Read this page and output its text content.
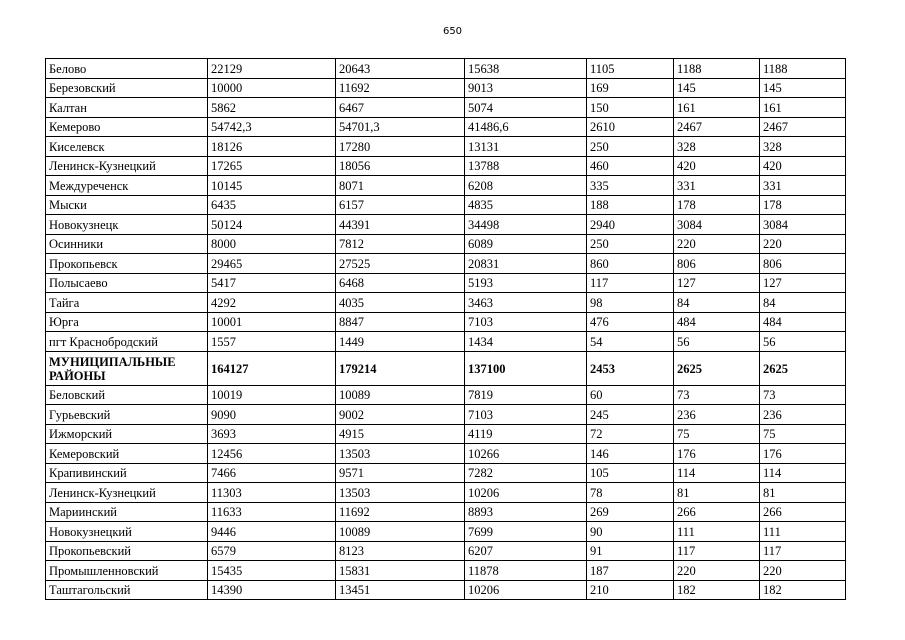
650
Белово	22129	20643	15638	1105	1188	1188
Березовский	10000	11692	9013	169	145	145
Калтан	5862	6467	5074	150	161	161
Кемерово	54742,3	54701,3	41486,6	2610	2467	2467
Киселевск	18126	17280	13131	250	328	328
Ленинск-Кузнецкий	17265	18056	13788	460	420	420
Междуреченск	10145	8071	6208	335	331	331
Мыски	6435	6157	4835	188	178	178
Новокузнецк	50124	44391	34498	2940	3084	3084
Осинники	8000	7812	6089	250	220	220
Прокопьевск	29465	27525	20831	860	806	806
Полысаево	5417	6468	5193	117	127	127
Тайга	4292	4035	3463	98	84	84
Юрга	10001	8847	7103	476	484	484
пгт Краснобродский	1557	1449	1434	54	56	56
МУНИЦИПАЛЬНЫЕ РАЙОНЫ	164127	179214	137100	2453	2625	2625
Беловский	10019	10089	7819	60	73	73
Гурьевский	9090	9002	7103	245	236	236
Ижморский	3693	4915	4119	72	75	75
Кемеровский	12456	13503	10266	146	176	176
Крапивинский	7466	9571	7282	105	114	114
Ленинск-Кузнецкий	11303	13503	10206	78	81	81
Мариинский	11633	11692	8893	269	266	266
Новокузнецкий	9446	10089	7699	90	111	111
Прокопьевский	6579	8123	6207	91	117	117
Промышленновский	15435	15831	11878	187	220	220
Таштагольский	14390	13451	10206	210	182	182
